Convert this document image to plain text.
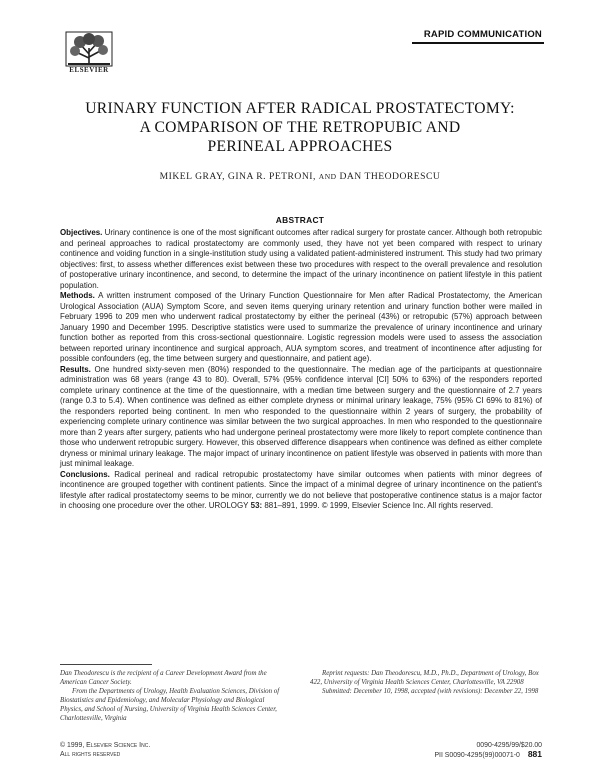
ELSEVIER
RAPID COMMUNICATION
URINARY FUNCTION AFTER RADICAL PROSTATECTOMY:
A COMPARISON OF THE RETROPUBIC AND
PERINEAL APPROACHES
MIKEL GRAY, GINA R. PETRONI, AND DAN THEODORESCU
ABSTRACT

Objectives. Urinary continence is one of the most significant outcomes after radical surgery for prostate cancer. Although both retropubic and perineal approaches to radical prostatectomy are commonly used, they have not yet been compared with respect to urinary continence and voiding function in a single-institution study using a validated patient-administered instrument. This study had two primary objectives: first, to assess whether differences exist between these two procedures with respect to the overall prevalence and resolution of postoperative urinary incontinence, and second, to determine the impact of the urinary incontinence on patient lifestyle in this patient population.

Methods. A written instrument composed of the Urinary Function Questionnaire for Men after Radical Prostatectomy, the American Urological Association (AUA) Symptom Score, and seven items querying urinary retention and urinary function bother were mailed in February 1996 to 209 men who underwent radical prostatectomy by either the perineal (43%) or retropubic (57%) approach between January 1990 and December 1995. Descriptive statistics were used to summarize the prevalence of urinary incontinence and urinary function bother as reported from this cross-sectional questionnaire. Logistic regression models were used to assess the association between reported urinary incontinence and surgical approach, AUA symptom scores, and treatment of incontinence after adjusting for possible confounders (eg, the time between surgery and questionnaire, and patient age).

Results. One hundred sixty-seven men (80%) responded to the questionnaire. The median age of the participants at questionnaire administration was 68 years (range 43 to 80). Overall, 57% (95% confidence interval [CI] 50% to 63%) of the responders reported complete urinary continence at the time of the questionnaire, with a median time between surgery and the questionnaire of 2.7 years (range 0.3 to 5.4). When continence was defined as either complete dryness or minimal urinary leakage, 75% (95% CI 69% to 81%) of the responders reported being continent. In men who responded to the questionnaire within 2 years of surgery, the probability of experiencing complete urinary continence was similar between the two surgical approaches. In men who responded to the questionnaire more than 2 years after surgery, patients who had undergone perineal prostatectomy were more likely to report complete continence than those who underwent retropubic surgery. However, this observed difference disappears when continence was defined as either complete dryness or minimal urinary leakage. The major impact of urinary incontinence on patient lifestyle was observed in patients with more than just minimal leakage.

Conclusions. Radical perineal and radical retropubic prostatectomy have similar outcomes when patients with minor degrees of incontinence are grouped together with continent patients. Since the impact of a minimal degree of urinary incontinence on the patient's lifestyle after radical prostatectomy seems to be minor, currently we do not believe that postoperative continence status is a major factor in choosing one procedure over the other. UROLOGY 53: 881–891, 1999. © 1999, Elsevier Science Inc. All rights reserved.

Dan Theodorescu is the recipient of a Career Development Award from the American Cancer Society.

From the Departments of Urology, Health Evaluation Sciences, Division of Biostatistics and Epidemiology, and Molecular Physiology and Biological Physics, and School of Nursing, University of Virginia Health Sciences Center, Charlottesville, Virginia

Reprint requests: Dan Theodorescu, M.D., Ph.D., Department of Urology, Box 422, University of Virginia Health Sciences Center, Charlottesville, VA 22908

Submitted: December 10, 1998, accepted (with revisions): December 22, 1998

© 1999, Elsevier Science Inc.
All rights reserved
0090-4295/99/$20.00
PII S0090-4295(99)00071-0 881
